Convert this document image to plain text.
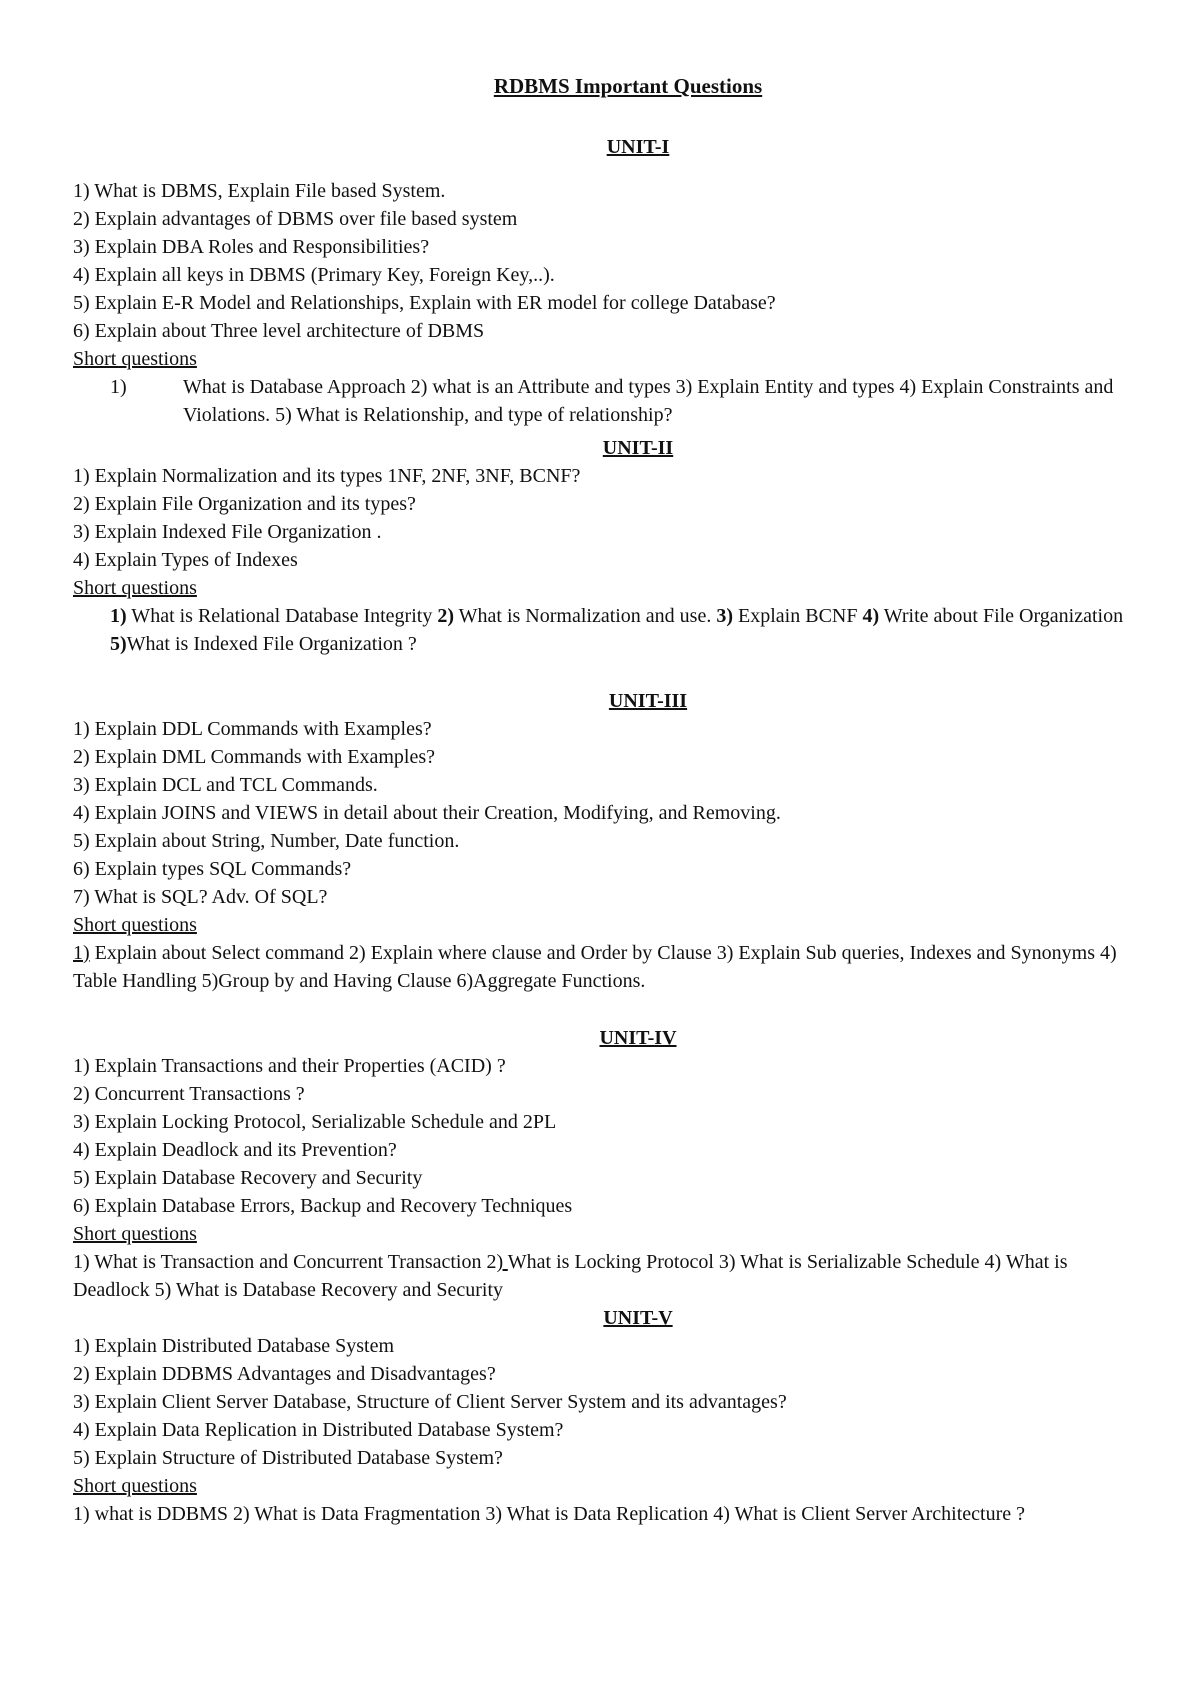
RDBMS Important Questions
UNIT-I
1) What is DBMS, Explain File based System.
2) Explain advantages of DBMS over file based system
3) Explain DBA Roles and Responsibilities?
4) Explain all keys in DBMS (Primary Key, Foreign Key,..).
5) Explain E-R Model and Relationships, Explain with ER model for college Database?
6) Explain about Three level architecture of DBMS
Short questions
1)	What is Database Approach 2) what is an Attribute and types 3) Explain Entity and types 4) Explain Constraints and Violations. 5) What is Relationship, and type of relationship?
UNIT-II
1) Explain Normalization and its types 1NF, 2NF, 3NF, BCNF?
2) Explain File Organization and its types?
3) Explain Indexed File Organization .
4) Explain Types of Indexes
Short questions
1) What is Relational Database Integrity 2) What is Normalization and use. 3) Explain BCNF 4) Write about File Organization 5)What is Indexed File Organization ?
UNIT-III
1) Explain DDL Commands with Examples?
2) Explain DML Commands with Examples?
3) Explain DCL and TCL Commands.
4) Explain JOINS and VIEWS in detail about their Creation, Modifying, and Removing.
5) Explain about String, Number, Date function.
6) Explain types SQL Commands?
7) What is SQL? Adv. Of SQL?
Short questions
1) Explain about Select command 2) Explain where clause and Order by Clause 3) Explain Sub queries, Indexes and Synonyms 4) Table Handling 5)Group by and Having Clause 6)Aggregate Functions.
UNIT-IV
1) Explain Transactions and their Properties (ACID) ?
2) Concurrent Transactions ?
3) Explain Locking Protocol, Serializable Schedule and 2PL
4) Explain Deadlock and its Prevention?
5) Explain Database Recovery and Security
6) Explain Database Errors, Backup and Recovery Techniques
Short questions
1) What is Transaction and Concurrent Transaction 2) What is Locking Protocol 3) What is Serializable Schedule 4) What is Deadlock 5) What is Database Recovery and Security
UNIT-V
1) Explain Distributed Database System
2) Explain DDBMS Advantages and Disadvantages?
3) Explain Client Server Database, Structure of Client Server System and its advantages?
4) Explain Data Replication in Distributed Database System?
5) Explain Structure of Distributed Database System?
Short questions
1) what is DDBMS 2) What is Data Fragmentation 3) What is Data Replication 4) What is Client Server Architecture ?
